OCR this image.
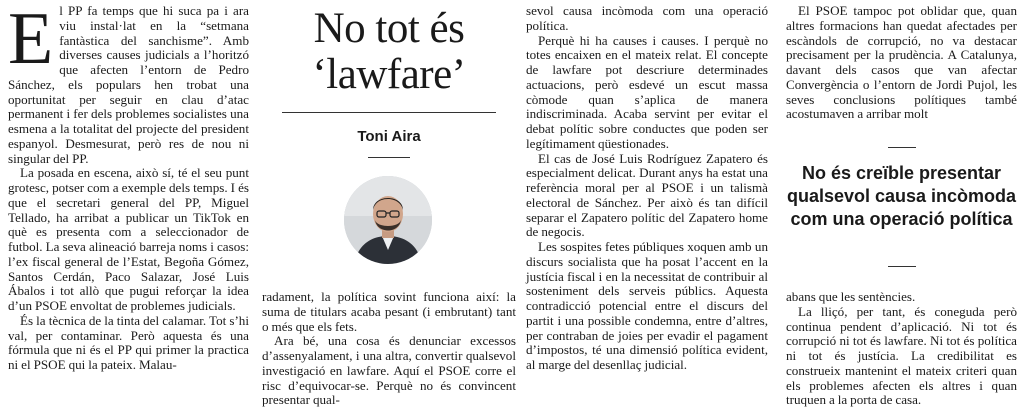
El PP fa temps que hi suca pa i ara viu instal·lat en la “setmana fantàstica del sanchisme”. Amb diverses causes judicials a l’horitzó que afecten l’entorn de Pedro Sánchez, els populars hen trobat una oportunitat per seguir en clau d’atac permanent i fer dels problemes socialistes una esmena a la totalitat del projecte del president espanyol. Desmesurat, però res de nou ni singular del PP.

La posada en escena, això sí, té el seu punt grotesc, potser com a exemple dels temps. I és que el secretari general del PP, Miguel Tellado, ha arribat a publicar un TikTok en què es presenta com a seleccionador de futbol. La seva alineació barreja noms i casos: l’ex fiscal general de l’Estat, Begoña Gómez, Santos Cerdán, Paco Salazar, José Luis Ábalos i tot allò que pugui reforçar la idea d’un PSOE envoltat de problemes judicials.

És la tècnica de la tinta del calamar. Tot s’hi val, per contaminar. Però aquesta és una fórmula que ni és el PP qui primer la practica ni el PSOE qui la pateix. Malau-

No tot és
‘lawfare’
Toni Aira

radament, la política sovint funciona així: la suma de titulars acaba pesant (i embrutant) tant o més que els fets.

Ara bé, una cosa és denunciar excessos d’assenyalament, i una altra, convertir qualsevol investigació en lawfare. Aquí el PSOE corre el risc d’equivocar-se. Perquè no és convincent presentar qual-

sevol causa incòmoda com una operació política.

Perquè hi ha causes i causes. I perquè no totes encaixen en el mateix relat. El concepte de lawfare pot descriure determinades actuacions, però esdevé un escut massa còmode quan s’aplica de manera indiscriminada. Acaba servint per evitar el debat polític sobre conductes que poden ser legítimament qüestionades.

El cas de José Luis Rodríguez Zapatero és especialment delicat. Durant anys ha estat una referència moral per al PSOE i un talismà electoral de Sánchez. Per això és tan difícil separar el Zapatero polític del Zapatero home de negocis.

Les sospites fetes públiques xoquen amb un discurs socialista que ha posat l’accent en la justícia fiscal i en la necessitat de contribuir al sosteniment dels serveis públics. Aquesta contradicció potencial entre el discurs del partit i una possible condemna, entre d’altres, per contraban de joies per evadir el pagament d’impostos, té una dimensió política evident, al marge del desenllaç judicial.

El PSOE tampoc pot oblidar que, quan altres formacions han quedat afectades per escàndols de corrupció, no va destacar precisament per la prudència. A Catalunya, davant dels casos que van afectar Convergència o l’entorn de Jordi Pujol, les seves conclusions polítiques també acostumaven a arribar molt

No és creïble presentar qualsevol causa incòmoda com una operació política

abans que les sentències.

La lliçó, per tant, és coneguda però continua pendent d’aplicació. Ni tot és corrupció ni tot és lawfare. Ni tot és política ni tot és justícia. La credibilitat es construeix mantenint el mateix criteri quan els problemes afecten els altres i quan truquen a la porta de casa.
